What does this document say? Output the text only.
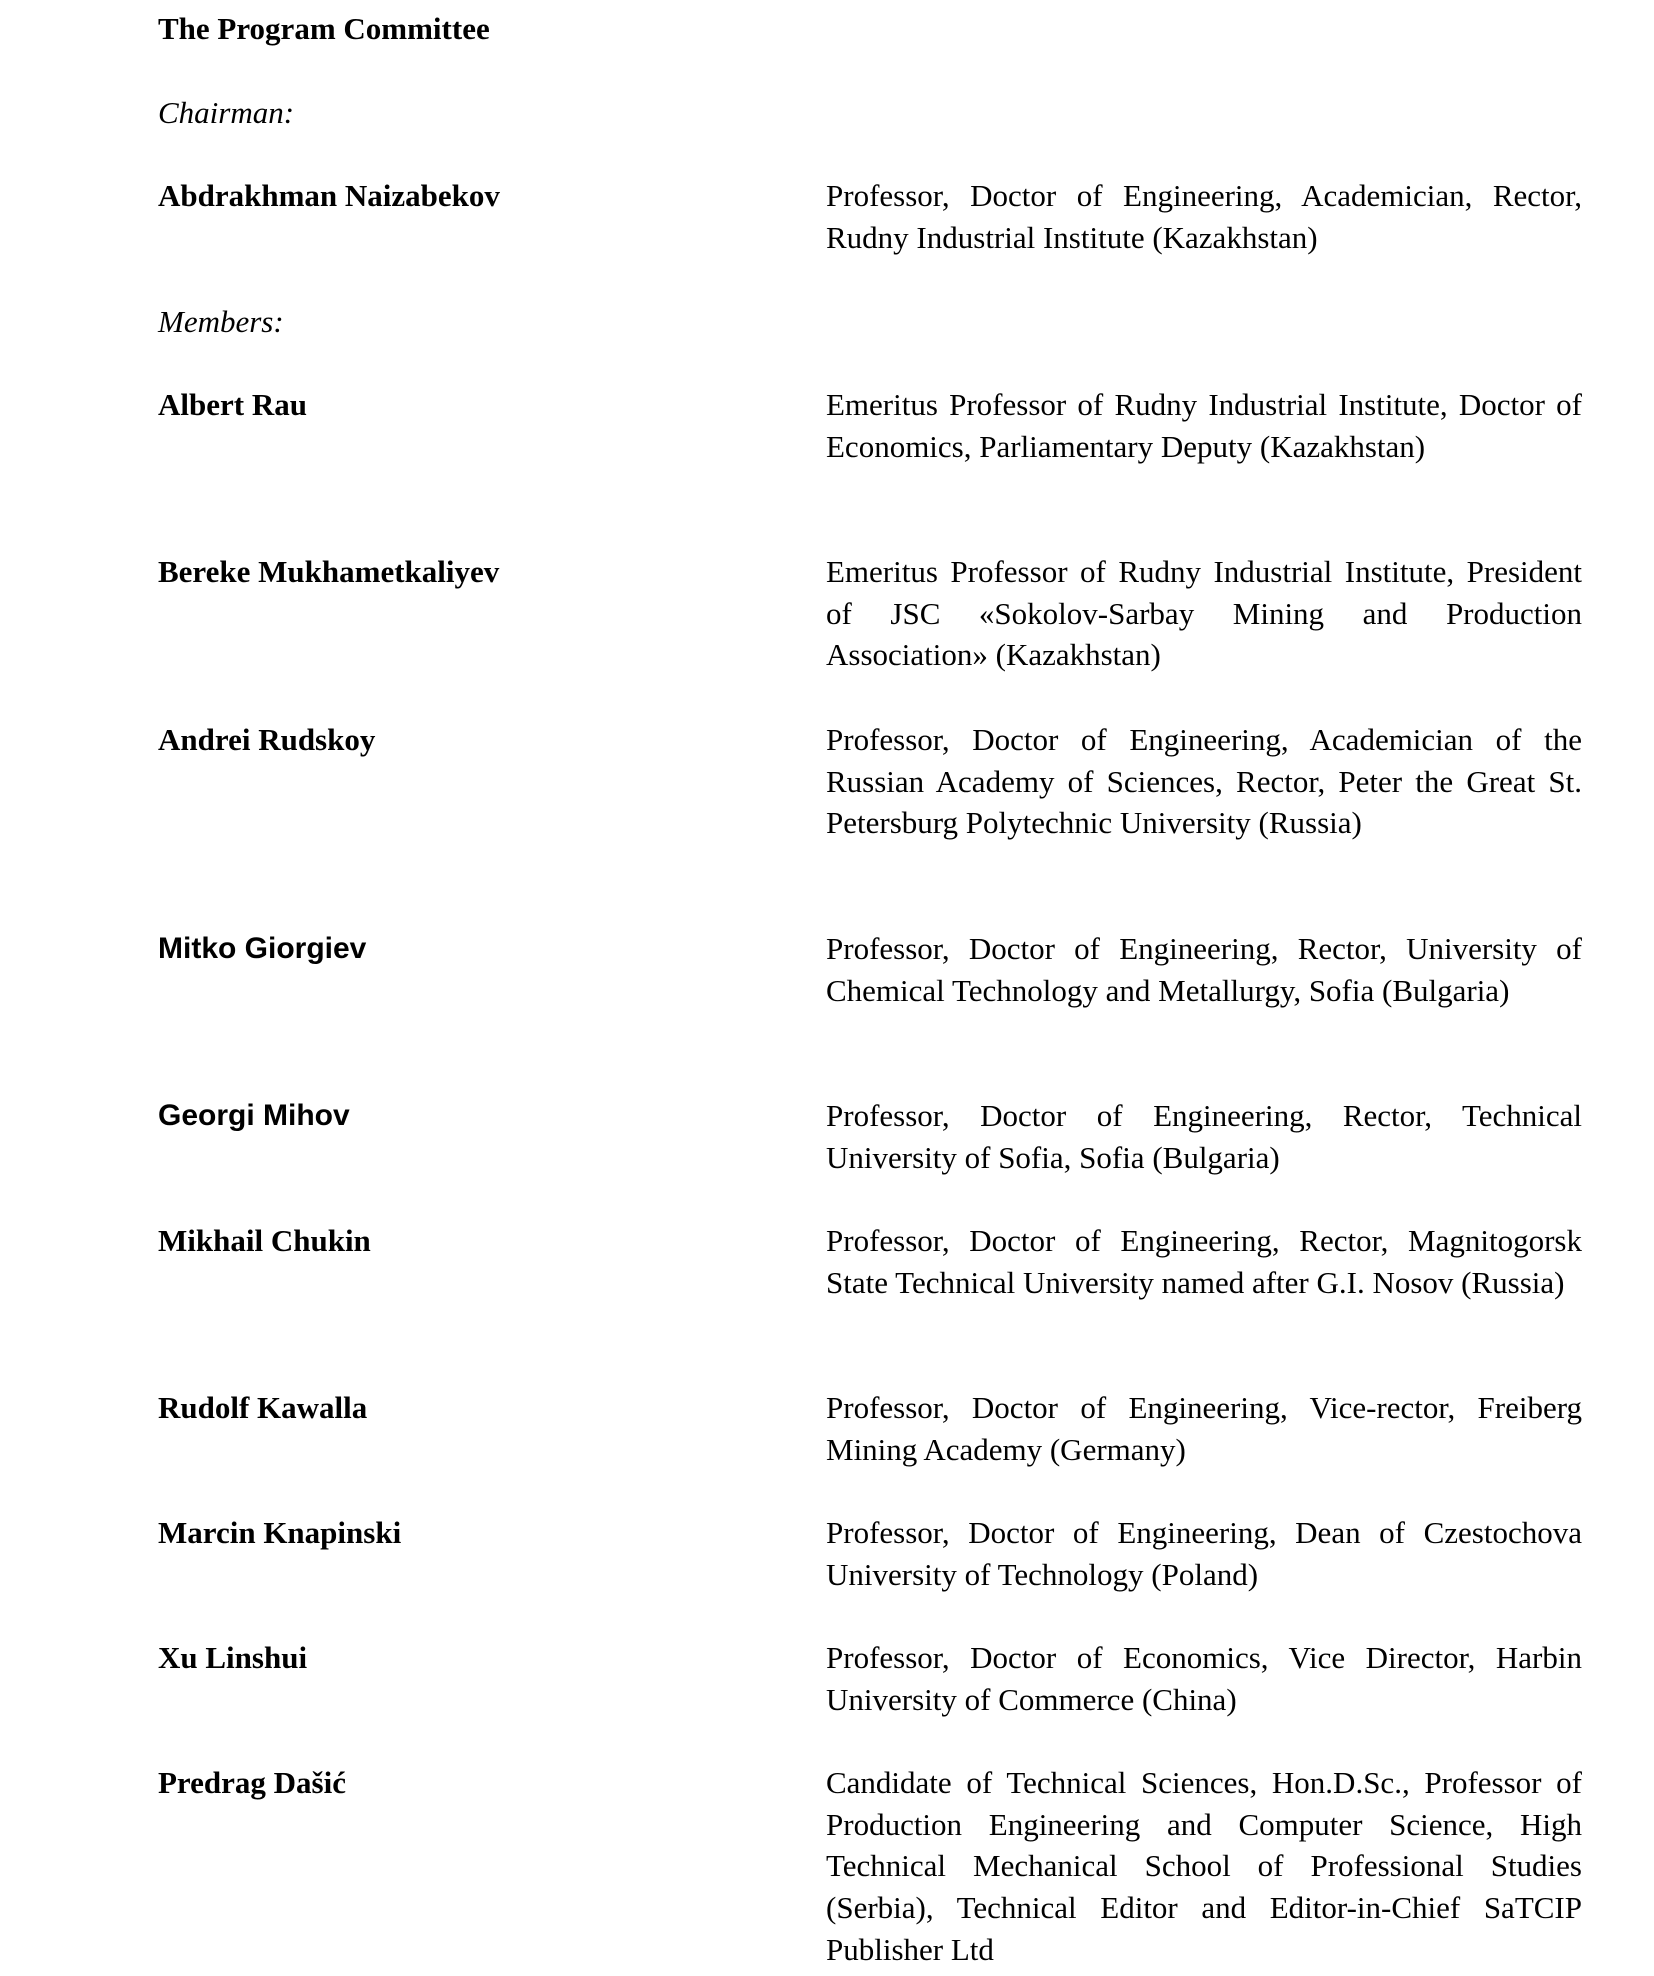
The Program Committee
Chairman:
Abdrakhman Naizabekov	Professor, Doctor of Engineering, Academician, Rector, Rudny Industrial Institute (Kazakhstan)
Members:
Albert Rau	Emeritus Professor of Rudny Industrial Institute, Doctor of Economics, Parliamentary Deputy (Kazakhstan)
Bereke Mukhametkaliyev	Emeritus Professor of Rudny Industrial Institute, President of JSC «Sokolov-Sarbay Mining and Production Association» (Kazakhstan)
Andrei Rudskoy	Professor, Doctor of Engineering, Academician of the Russian Academy of Sciences, Rector, Peter the Great St. Petersburg Polytechnic University (Russia)
Mitko Giorgiev	Professor, Doctor of Engineering, Rector, University of Chemical Technology and Metallurgy, Sofia (Bulgaria)
Georgi Mihov	Professor, Doctor of Engineering, Rector, Technical University of Sofia, Sofia (Bulgaria)
Mikhail Chukin	Professor, Doctor of Engineering, Rector, Magnitogorsk State Technical University named after G.I. Nosov (Russia)
Rudolf Kawalla	Professor, Doctor of Engineering, Vice-rector, Freiberg Mining Academy (Germany)
Marcin Knapinski	Professor, Doctor of Engineering, Dean of Czestochova University of Technology (Poland)
Xu Linshui	Professor, Doctor of Economics, Vice Director, Harbin University of Commerce (China)
Predrag Dašić	Candidate of Technical Sciences, Hon.D.Sc., Professor of Production Engineering and Computer Science, High Technical Mechanical School of Professional Studies (Serbia), Technical Editor and Editor-in-Chief SaTCIP Publisher Ltd
